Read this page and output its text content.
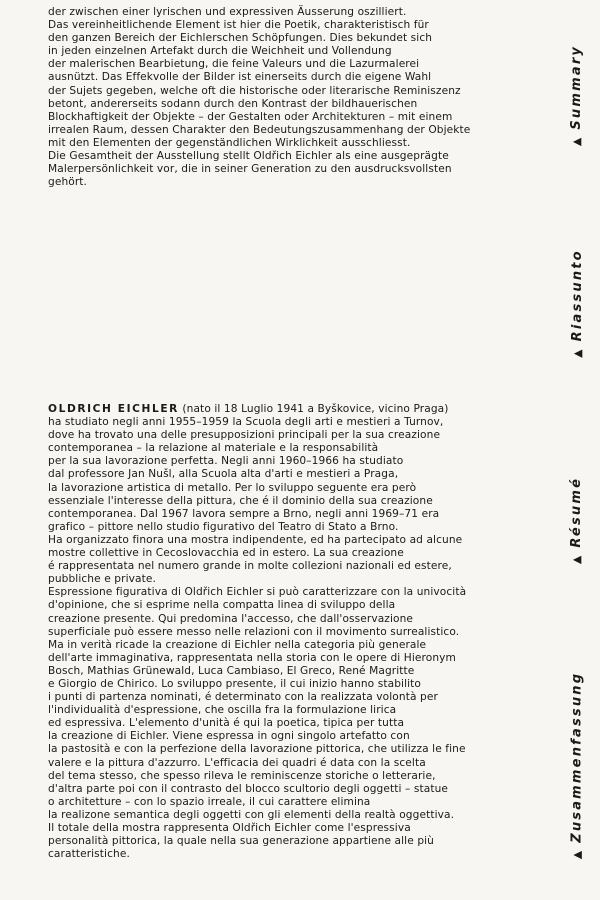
der zwischen einer lyrischen und expressiven Äusserung oszilliert.
Das vereinheitlichende Element ist hier die Poetik, charakteristisch für
den ganzen Bereich der Eichlerschen Schöpfungen. Dies bekundet sich
in jeden einzelnen Artefakt durch die Weichheit und Vollendung
der malerischen Bearbietung, die feine Valeurs und die Lazurmalerei
ausnützt. Das Effekvolle der Bilder ist einerseits durch die eigene Wahl
der Sujets gegeben, welche oft die historische oder literarische Reminiszenz
betont, andererseits sodann durch den Kontrast der bildhauerischen
Blockhaftigkeit der Objekte – der Gestalten oder Architekturen – mit einem
irrealen Raum, dessen Charakter den Bedeutungszusammenhang der Objekte
mit den Elementen der gegenständlichen Wirklichkeit ausschliesst.
Die Gesamtheit der Ausstellung stellt Oldřich Eichler als eine ausgeprägte
Malerpersönlichkeit vor, die in seiner Generation zu den ausdrucksvollsten
gehört.
OLDRICH EICHLER (nato il 18 Luglio 1941 a Byškovice, vicino Praga)
ha studiato negli anni 1955–1959 la Scuola degli arti e mestieri a Turnov,
dove ha trovato una delle presupposizioni principali per la sua creazione
contemporanea – la relazione al materiale e la responsabilità
per la sua lavorazione perfetta. Negli anni 1960–1966 ha studiato
dal professore Jan Nušl, alla Scuola alta d'arti e mestieri a Praga,
la lavorazione artistica di metallo. Per lo sviluppo seguente era però
essenziale l'interesse della pittura, che é il dominio della sua creazione
contemporanea. Dal 1967 lavora sempre a Brno, negli anni 1969–71 era
grafico – pittore nello studio figurativo del Teatro di Stato a Brno.
Ha organizzato finora una mostra indipendente, ed ha partecipato ad alcune
mostre collettive in Cecoslovacchia ed in estero. La sua creazione
é rappresentata nel numero grande in molte collezioni nazionali ed estere,
pubbliche e private.
Espressione figurativa di Oldřich Eichler si può caratterizzare con la univocità
d'opinione, che si esprime nella compatta linea di sviluppo della
creazione presente. Qui predomina l'accesso, che dall'osservazione
superficiale può essere messo nelle relazioni con il movimento surrealistico.
Ma in verità ricade la creazione di Eichler nella categoria più generale
dell'arte immaginativa, rappresentata nella storia con le opere di Hieronym
Bosch, Mathias Grünewald, Luca Cambiaso, El Greco, René Magritte
e Giorgio de Chirico. Lo sviluppo presente, il cui inizio hanno stabilito
i punti di partenza nominati, é determinato con la realizzata volontà per
l'individualità d'espressione, che oscilla fra la formulazione lirica
ed espressiva. L'elemento d'unità é qui la poetica, tipica per tutta
la creazione di Eichler. Viene espressa in ogni singolo artefatto con
la pastosità e con la perfezione della lavorazione pittorica, che utilizza le fine
valere e la pittura d'azzurro. L'efficacia dei quadri é data con la scelta
del tema stesso, che spesso rileva le reminiscenze storiche o letterarie,
d'altra parte poi con il contrasto del blocco scultorio degli oggetti – statue
o architetture – con lo spazio irreale, il cui carattere elimina
la realizone semantica degli oggetti con gli elementi della realtà oggettiva.
Il totale della mostra rappresenta Oldřich Eichler come l'espressiva
personalità pittorica, la quale nella sua generazione appartiene alle più
caratteristiche.
▲
Summary
▲
Riassunto
▲
Résumé
▲
Zusammenfassung
